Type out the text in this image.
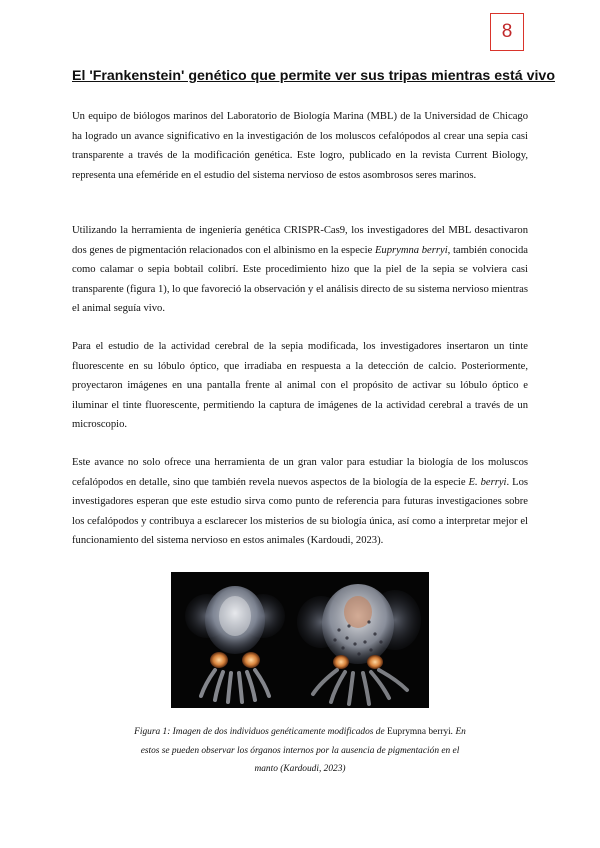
8
El 'Frankenstein' genético que permite ver sus tripas mientras está vivo

Un equipo de biólogos marinos del Laboratorio de Biología Marina (MBL) de la Universidad de Chicago ha logrado un avance significativo en la investigación de los moluscos cefalópodos al crear una sepia casi transparente a través de la modificación genética. Este logro, publicado en la revista Current Biology, representa una efeméride en el estudio del sistema nervioso de estos asombrosos seres marinos.

Utilizando la herramienta de ingeniería genética CRISPR-Cas9, los investigadores del MBL desactivaron dos genes de pigmentación relacionados con el albinismo en la especie Euprymna berryi, también conocida como calamar o sepia bobtail colibrí. Este procedimiento hizo que la piel de la sepia se volviera casi transparente (figura 1), lo que favoreció la observación y el análisis directo de su sistema nervioso mientras el animal seguía vivo.

Para el estudio de la actividad cerebral de la sepia modificada, los investigadores insertaron un tinte fluorescente en su lóbulo óptico, que irradiaba en respuesta a la detección de calcio. Posteriormente, proyectaron imágenes en una pantalla frente al animal con el propósito de activar su lóbulo óptico e iluminar el tinte fluorescente, permitiendo la captura de imágenes de la actividad cerebral a través de un microscopio.

Este avance no solo ofrece una herramienta de un gran valor para estudiar la biología de los moluscos cefalópodos en detalle, sino que también revela nuevos aspectos de la biología de la especie E. berryi. Los investigadores esperan que este estudio sirva como punto de referencia para futuras investigaciones sobre los cefalópodos y contribuya a esclarecer los misterios de su biología única, así como a interpretar mejor el funcionamiento del sistema nervioso en estos animales (Kardoudi, 2023).

Figura 1: Imagen de dos individuos genéticamente modificados de Euprymna berryi. En estos se pueden observar los órganos internos por la ausencia de pigmentación en el manto (Kardoudi, 2023)
